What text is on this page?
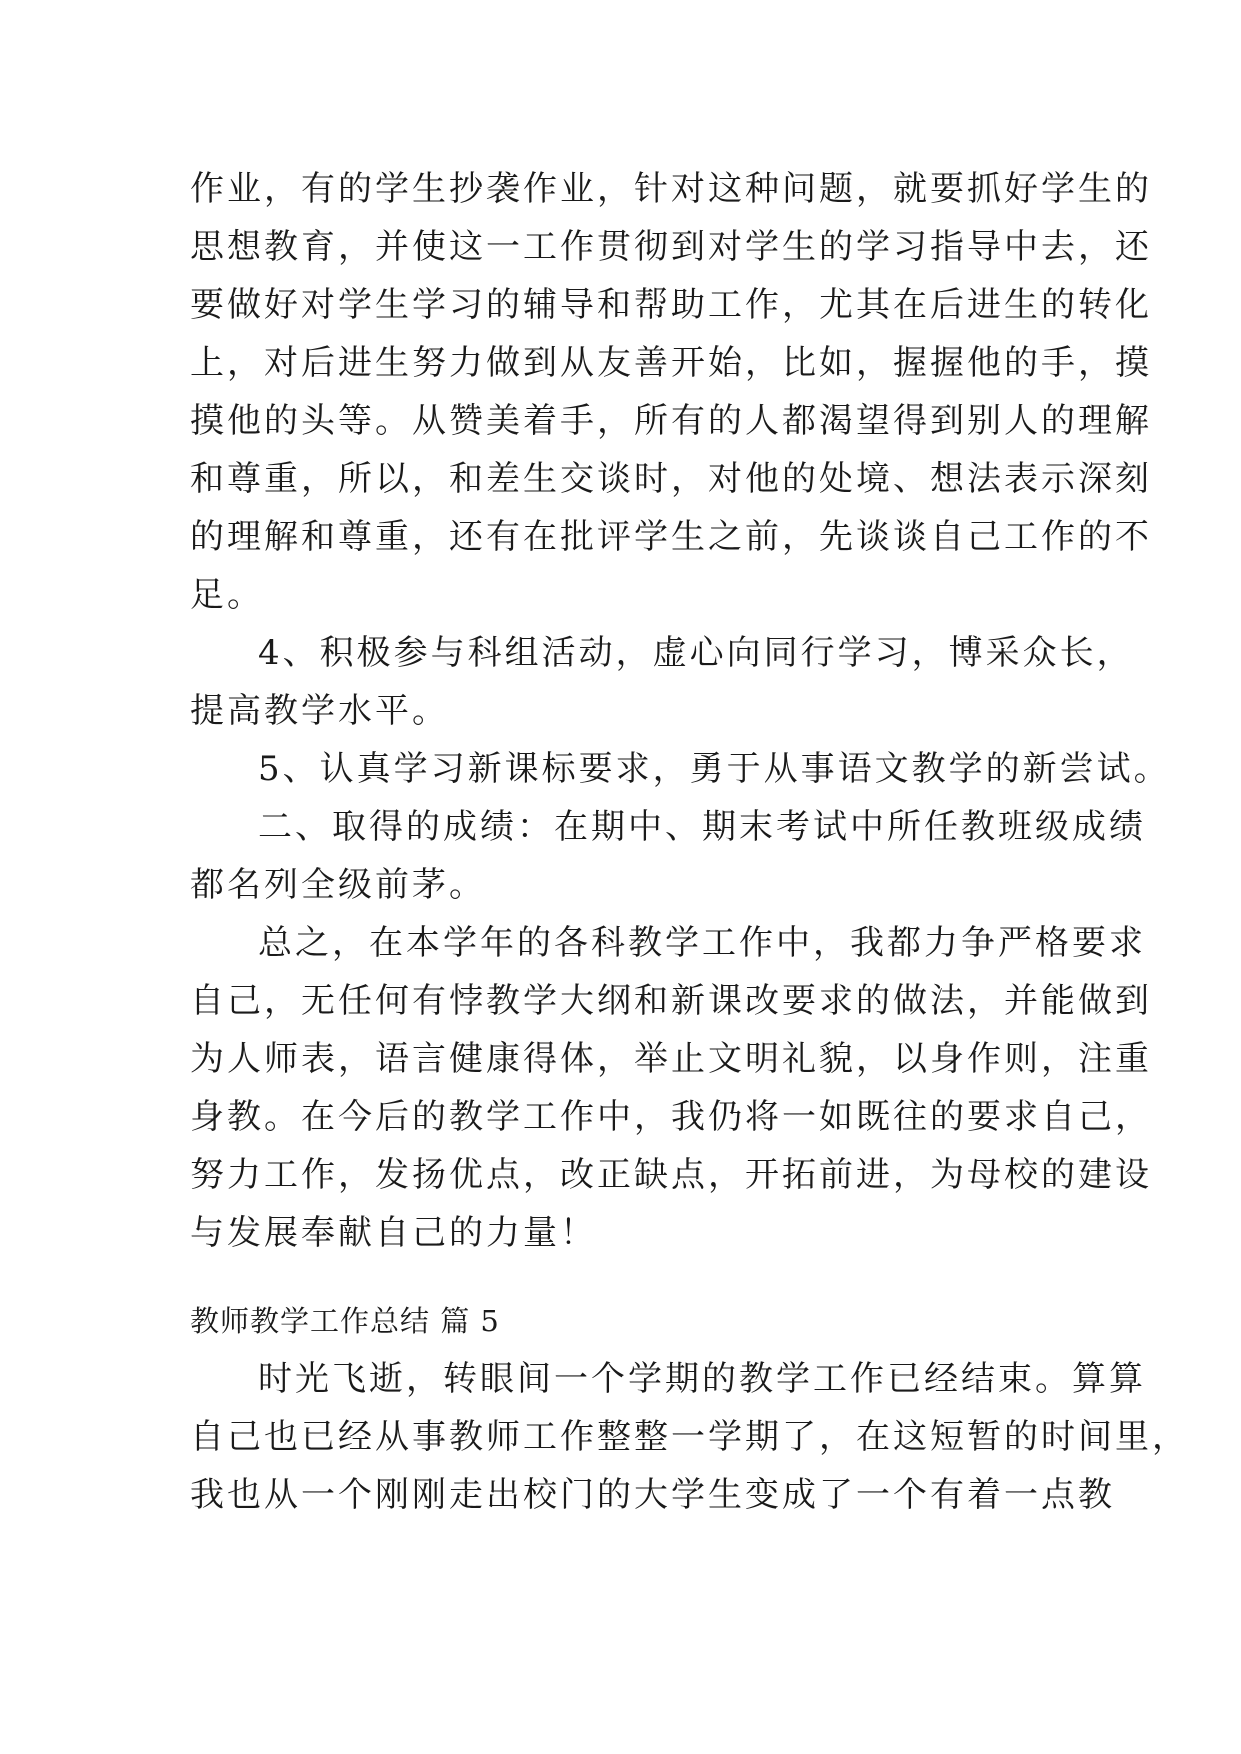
作业，有的学生抄袭作业，针对这种问题，就要抓好学生的
思想教育，并使这一工作贯彻到对学生的学习指导中去，还
要做好对学生学习的辅导和帮助工作，尤其在后进生的转化
上，对后进生努力做到从友善开始，比如，握握他的手，摸
摸他的头等。从赞美着手，所有的人都渴望得到别人的理解
和尊重，所以，和差生交谈时，对他的处境、想法表示深刻
的理解和尊重，还有在批评学生之前，先谈谈自己工作的不
足。
4、积极参与科组活动，虚心向同行学习，博采众长，
提高教学水平。
5、认真学习新课标要求，勇于从事语文教学的新尝试。
二、取得的成绩：在期中、期末考试中所任教班级成绩
都名列全级前茅。
总之，在本学年的各科教学工作中，我都力争严格要求
自己，无任何有悖教学大纲和新课改要求的做法，并能做到
为人师表，语言健康得体，举止文明礼貌，以身作则，注重
身教。在今后的教学工作中，我仍将一如既往的要求自己，
努力工作，发扬优点，改正缺点，开拓前进，为母校的建设
与发展奉献自己的力量！
教师教学工作总结 篇 5
时光飞逝，转眼间一个学期的教学工作已经结束。算算
自己也已经从事教师工作整整一学期了，在这短暂的时间里，
我也从一个刚刚走出校门的大学生变成了一个有着一点教
